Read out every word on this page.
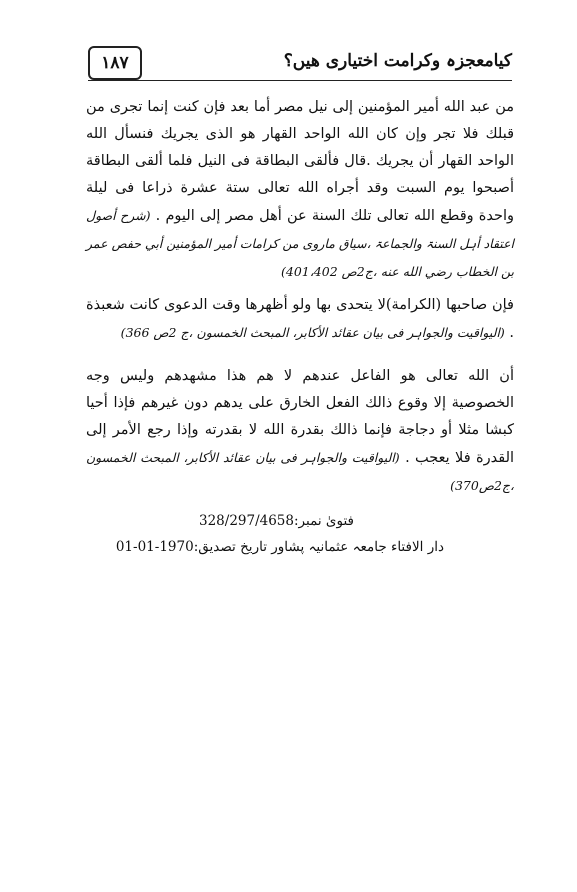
کیامعجزہ وکرامت اختیاری ھیں؟
۱۸۷

من عبد الله أمير المؤمنين إلى نيل مصر أما بعد فإن كنت إنما تجرى من قبلك فلا تجر وإن كان الله الواحد القهار هو الذى يجريك فنسأل الله الواحد القهار أن يجريك .قال فألقى البطاقة فى النيل فلما ألقى البطاقة أصبحوا يوم السبت وقد أجراه الله تعالى ستة عشرة ذراعا فى ليلة واحدة وقطع الله تعالى تلك السنة عن أهل مصر إلى اليوم . (شرح أصول اعتقاد أہل السنۃ والجماعۃ ،سیاق ماروی من کرامات أمیر المؤمنین أبي حفص عمر بن الخطاب رضي الله عنه ،ج2ص 401،402)

فإن صاحبها (الكرامة)لا يتحدى بها ولو أظهرها وقت الدعوى كانت شعبذة . (الیواقیت والجواہر فی بیان عقائد الأکابر، المبحث الخمسون ،ج 2ص 366)

أن الله تعالى هو الفاعل عندهم لا هم هذا مشهدهم وليس وجه الخصوصية إلا وقوع ذالك الفعل الخارق على يدهم دون غيرهم فإذا أحيا كبشا مثلا أو دجاجة فإنما ذالك بقدرة الله لا بقدرته وإذا رجع الأمر إلى القدرة فلا يعجب . (الیواقیت والجواہر فی بیان عقائد الأکابر، المبحث الخمسون ،ج2ص370)

فتویٰ نمبر:328/297/4658
دار الافتاء جامعہ عثمانیہ پشاور تاریخ تصدیق:1970-01-01
